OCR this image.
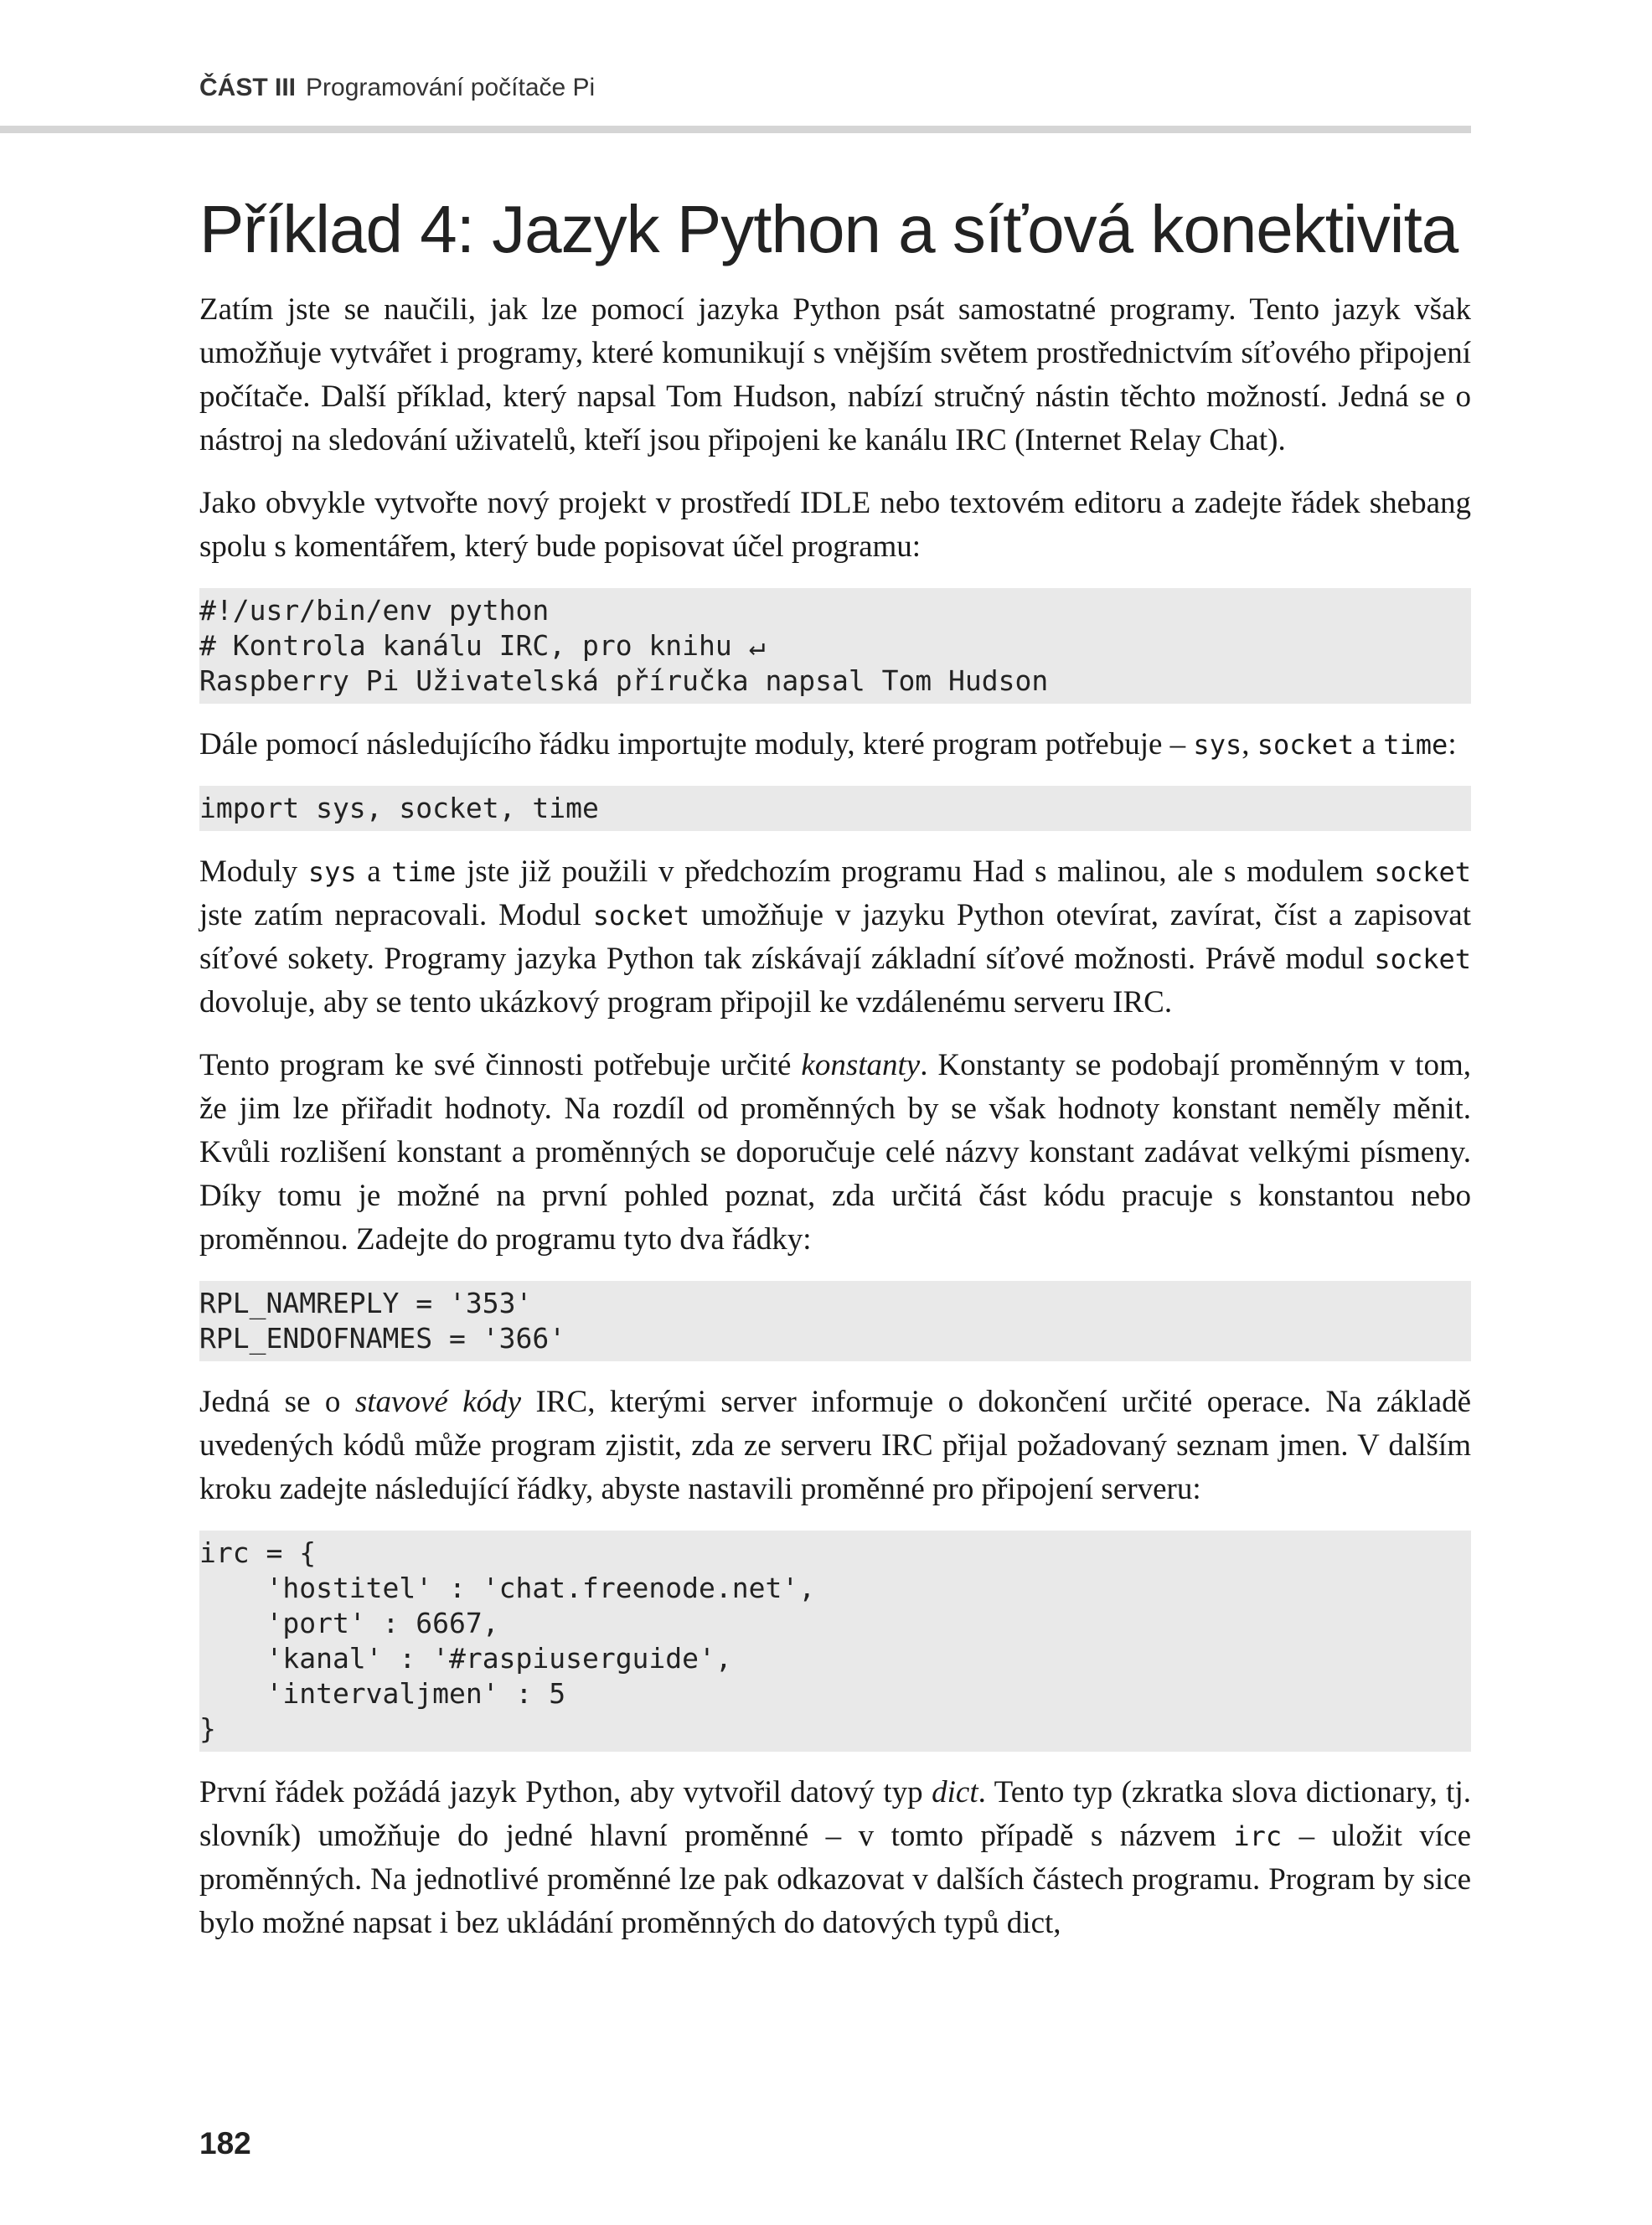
ČÁST III Programování počítače Pi
Příklad 4: Jazyk Python a síťová konektivita

Zatím jste se naučili, jak lze pomocí jazyka Python psát samostatné programy. Tento jazyk však umožňuje vytvářet i programy, které komunikují s vnějším světem prostřednictvím síťového připojení počítače. Další příklad, který napsal Tom Hudson, nabízí stručný nástin těchto možností. Jedná se o nástroj na sledování uživatelů, kteří jsou připojeni ke kanálu IRC (Internet Relay Chat).

Jako obvykle vytvořte nový projekt v prostředí IDLE nebo textovém editoru a zadejte řádek shebang spolu s komentářem, který bude popisovat účel programu:

#!/usr/bin/env python
# Kontrola kanálu IRC, pro knihu ↵
Raspberry Pi Uživatelská příručka napsal Tom Hudson

Dále pomocí následujícího řádku importujte moduly, které program potřebuje – sys, socket a time:

import sys, socket, time

Moduly sys a time jste již použili v předchozím programu Had s malinou, ale s modulem socket jste zatím nepracovali. Modul socket umožňuje v jazyku Python otevírat, zavírat, číst a zapisovat síťové sokety. Programy jazyka Python tak získávají základní síťové možnosti. Právě modul socket dovoluje, aby se tento ukázkový program připojil ke vzdálenému serveru IRC.

Tento program ke své činnosti potřebuje určité konstanty. Konstanty se podobají proměnným v tom, že jim lze přiřadit hodnoty. Na rozdíl od proměnných by se však hodnoty konstant neměly měnit. Kvůli rozlišení konstant a proměnných se doporučuje celé názvy konstant zadávat velkými písmeny. Díky tomu je možné na první pohled poznat, zda určitá část kódu pracuje s konstantou nebo proměnnou. Zadejte do programu tyto dva řádky:

RPL_NAMREPLY = '353'
RPL_ENDOFNAMES = '366'

Jedná se o stavové kódy IRC, kterými server informuje o dokončení určité operace. Na základě uvedených kódů může program zjistit, zda ze serveru IRC přijal požadovaný seznam jmen. V dalším kroku zadejte následující řádky, abyste nastavili proměnné pro připojení serveru:

irc = {
'hostitel' : 'chat.freenode.net',
'port' : 6667,
'kanal' : '#raspiuserguide',
'intervaljmen' : 5
}

První řádek požádá jazyk Python, aby vytvořil datový typ dict. Tento typ (zkratka slova dictionary, tj. slovník) umožňuje do jedné hlavní proměnné – v tomto případě s názvem irc – uložit více proměnných. Na jednotlivé proměnné lze pak odkazovat v dalších částech programu. Program by sice bylo možné napsat i bez ukládání proměnných do datových typů dict,

182
